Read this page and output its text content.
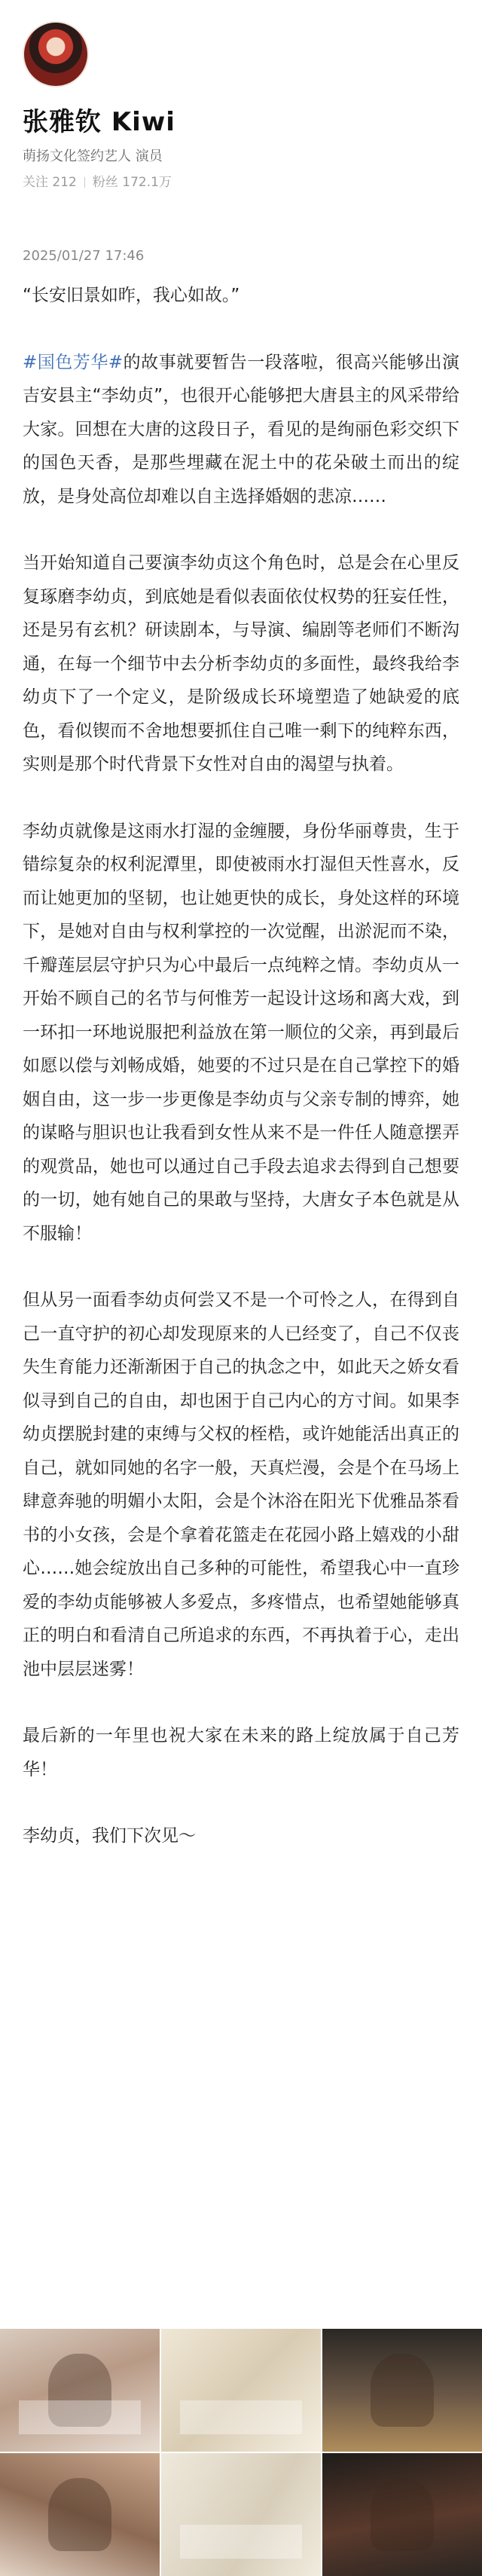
张雅钦 Kiwi
萌扬文化签约艺人 演员
关注 212 粉丝 172.1万
2025/01/27 17:46

“长安旧景如昨，我心如故。”

#国色芳华#的故事就要暂告一段落啦，很高兴能够出演吉安县主“李幼贞”，也很开心能够把大唐县主的风采带给大家。回想在大唐的这段日子，看见的是绚丽色彩交织下的国色天香，是那些埋藏在泥土中的花朵破土而出的绽放，是身处高位却难以自主选择婚姻的悲凉……

当开始知道自己要演李幼贞这个角色时，总是会在心里反复琢磨李幼贞，到底她是看似表面依仗权势的狂妄任性，还是另有玄机？研读剧本，与导演、编剧等老师们不断沟通，在每一个细节中去分析李幼贞的多面性，最终我给李幼贞下了一个定义，是阶级成长环境塑造了她缺爱的底色，看似锲而不舍地想要抓住自己唯一剩下的纯粹东西，实则是那个时代背景下女性对自由的渴望与执着。

李幼贞就像是这雨水打湿的金缠腰，身份华丽尊贵，生于错综复杂的权利泥潭里，即使被雨水打湿但天性喜水，反而让她更加的坚韧，也让她更快的成长，身处这样的环境下，是她对自由与权利掌控的一次觉醒，出淤泥而不染，千瓣莲层层守护只为心中最后一点纯粹之情。李幼贞从一开始不顾自己的名节与何惟芳一起设计这场和离大戏，到一环扣一环地说服把利益放在第一顺位的父亲，再到最后如愿以偿与刘畅成婚，她要的不过只是在自己掌控下的婚姻自由，这一步一步更像是李幼贞与父亲专制的博弈，她的谋略与胆识也让我看到女性从来不是一件任人随意摆弄的观赏品，她也可以通过自己手段去追求去得到自己想要的一切，她有她自己的果敢与坚持，大唐女子本色就是从不服输！

但从另一面看李幼贞何尝又不是一个可怜之人，在得到自己一直守护的初心却发现原来的人已经变了，自己不仅丧失生育能力还渐渐困于自己的执念之中，如此天之娇女看似寻到自己的自由，却也困于自己内心的方寸间。如果李幼贞摆脱封建的束缚与父权的桎梏，或许她能活出真正的自己，就如同她的名字一般，天真烂漫，会是个在马场上肆意奔驰的明媚小太阳，会是个沐浴在阳光下优雅品茶看书的小女孩，会是个拿着花篮走在花园小路上嬉戏的小甜心……她会绽放出自己多种的可能性，希望我心中一直珍爱的李幼贞能够被人多爱点，多疼惜点，也希望她能够真正的明白和看清自己所追求的东西，不再执着于心，走出池中层层迷雾！

最后新的一年里也祝大家在未来的路上绽放属于自己芳华！

李幼贞，我们下次见～
